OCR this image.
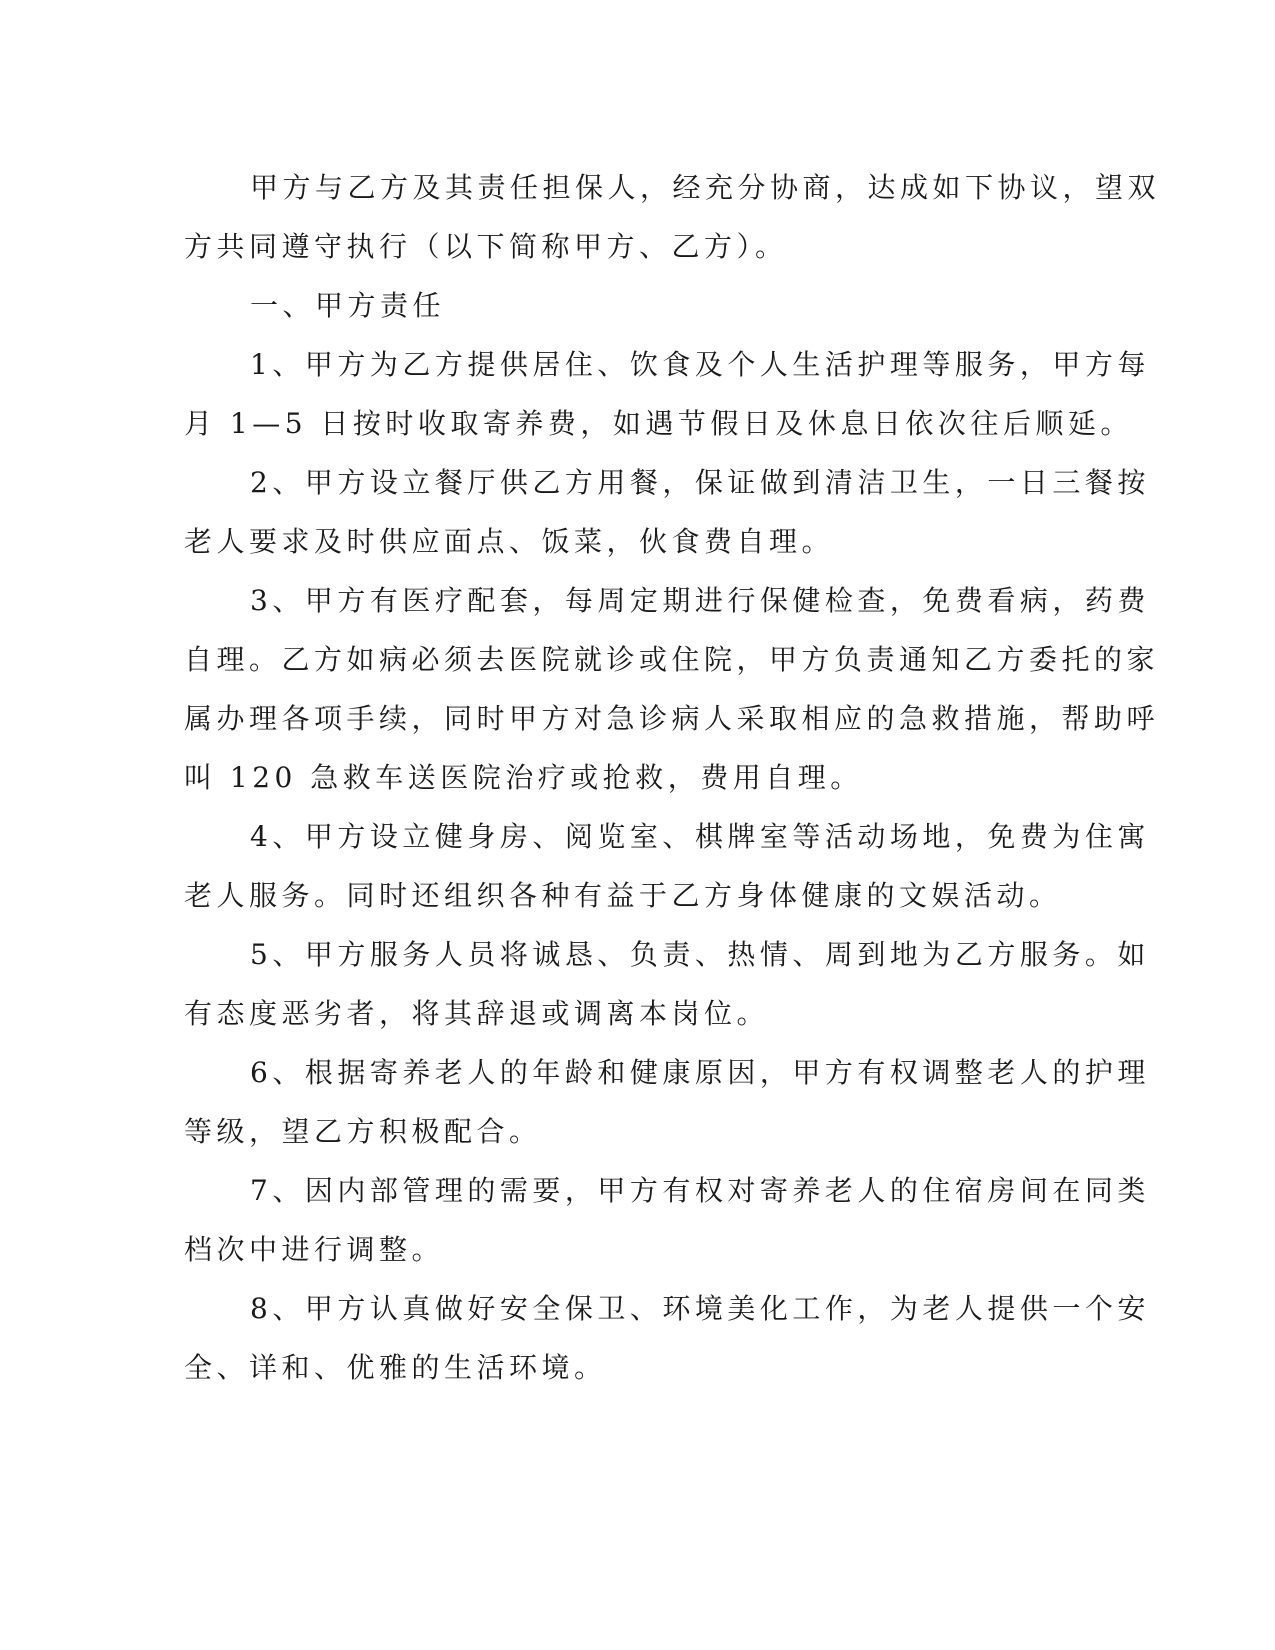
甲方与乙方及其责任担保人，经充分协商，达成如下协议，望双
方共同遵守执行（以下简称甲方、乙方）。

一、甲方责任

1、甲方为乙方提供居住、饮食及个人生活护理等服务，甲方每
月 1—5 日按时收取寄养费，如遇节假日及休息日依次往后顺延。

2、甲方设立餐厅供乙方用餐，保证做到清洁卫生，一日三餐按
老人要求及时供应面点、饭菜，伙食费自理。

3、甲方有医疗配套，每周定期进行保健检查，免费看病，药费
自理。乙方如病必须去医院就诊或住院，甲方负责通知乙方委托的家
属办理各项手续，同时甲方对急诊病人采取相应的急救措施，帮助呼
叫 120 急救车送医院治疗或抢救，费用自理。

4、甲方设立健身房、阅览室、棋牌室等活动场地，免费为住寓
老人服务。同时还组织各种有益于乙方身体健康的文娱活动。

5、甲方服务人员将诚恳、负责、热情、周到地为乙方服务。如
有态度恶劣者，将其辞退或调离本岗位。

6、根据寄养老人的年龄和健康原因，甲方有权调整老人的护理
等级，望乙方积极配合。

7、因内部管理的需要，甲方有权对寄养老人的住宿房间在同类
档次中进行调整。

8、甲方认真做好安全保卫、环境美化工作，为老人提供一个安
全、详和、优雅的生活环境。
